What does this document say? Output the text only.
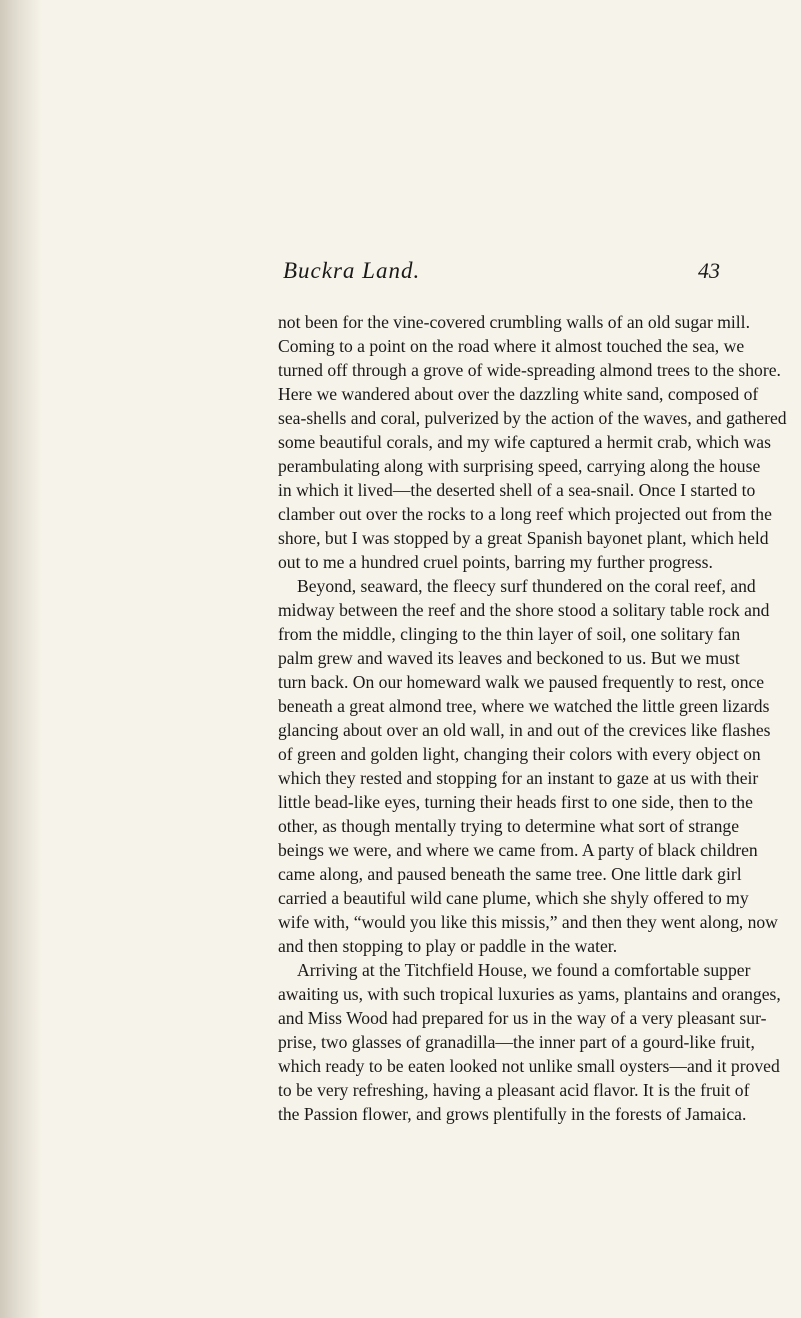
Buckra Land.	43
not been for the vine-covered crumbling walls of an old sugar mill.
Coming to a point on the road where it almost touched the sea, we
turned off through a grove of wide-spreading almond trees to the shore.
Here we wandered about over the dazzling white sand, composed of
sea-shells and coral, pulverized by the action of the waves, and gathered
some beautiful corals, and my wife captured a hermit crab, which was
perambulating along with surprising speed, carrying along the house
in which it lived—the deserted shell of a sea-snail. Once I started to
clamber out over the rocks to a long reef which projected out from the
shore, but I was stopped by a great Spanish bayonet plant, which held
out to me a hundred cruel points, barring my further progress.
Beyond, seaward, the fleecy surf thundered on the coral reef, and
midway between the reef and the shore stood a solitary table rock and
from the middle, clinging to the thin layer of soil, one solitary fan
palm grew and waved its leaves and beckoned to us. But we must
turn back. On our homeward walk we paused frequently to rest, once
beneath a great almond tree, where we watched the little green lizards
glancing about over an old wall, in and out of the crevices like flashes
of green and golden light, changing their colors with every object on
which they rested and stopping for an instant to gaze at us with their
little bead-like eyes, turning their heads first to one side, then to the
other, as though mentally trying to determine what sort of strange
beings we were, and where we came from. A party of black children
came along, and paused beneath the same tree. One little dark girl
carried a beautiful wild cane plume, which she shyly offered to my
wife with, “would you like this missis,” and then they went along, now
and then stopping to play or paddle in the water.
Arriving at the Titchfield House, we found a comfortable supper
awaiting us, with such tropical luxuries as yams, plantains and oranges,
and Miss Wood had prepared for us in the way of a very pleasant sur-
prise, two glasses of granadilla—the inner part of a gourd-like fruit,
which ready to be eaten looked not unlike small oysters—and it proved
to be very refreshing, having a pleasant acid flavor. It is the fruit of
the Passion flower, and grows plentifully in the forests of Jamaica.
